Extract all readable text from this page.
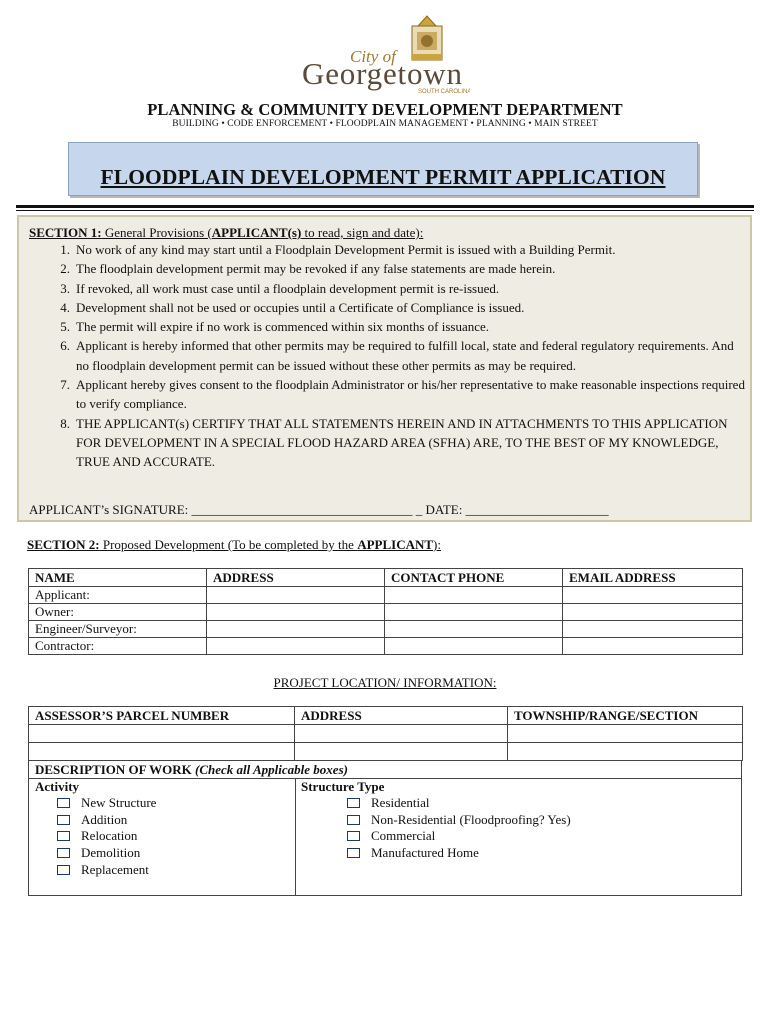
City of
Georgetown
SOUTH CAROLINA
PLANNING & COMMUNITY DEVELOPMENT DEPARTMENT
BUILDING • CODE ENFORCEMENT • FLOODPLAIN MANAGEMENT • PLANNING • MAIN STREET
FLOODPLAIN DEVELOPMENT PERMIT APPLICATION
SECTION 1: General Provisions (APPLICANT(s) to read, sign and date):
1. No work of any kind may start until a Floodplain Development Permit is issued with a Building Permit.
2. The floodplain development permit may be revoked if any false statements are made herein.
3. If revoked, all work must case until a floodplain development permit is re-issued.
4. Development shall not be used or occupies until a Certificate of Compliance is issued.
5. The permit will expire if no work is commenced within six months of issuance.
6. Applicant is hereby informed that other permits may be required to fulfill local, state and federal regulatory requirements. And no floodplain development permit can be issued without these other permits as may be required.
7. Applicant hereby gives consent to the floodplain Administrator or his/her representative to make reasonable inspections required to verify compliance.
8. THE APPLICANT(s) CERTIFY THAT ALL STATEMENTS HEREIN AND IN ATTACHMENTS TO THIS APPLICATION FOR DEVELOPMENT IN A SPECIAL FLOOD HAZARD AREA (SFHA) ARE, TO THE BEST OF MY KNOWLEDGE, TRUE AND ACCURATE.
APPLICANT’s SIGNATURE: __________________________________ _ DATE: ______________________
SECTION 2: Proposed Development (To be completed by the APPLICANT):
NAME	ADDRESS	CONTACT PHONE	EMAIL ADDRESS
Applicant:			
Owner:			
Engineer/Surveyor:			
Contractor:			
PROJECT LOCATION/ INFORMATION:
ASSESSOR’S PARCEL NUMBER	ADDRESS	TOWNSHIP/RANGE/SECTION

DESCRIPTION OF WORK (Check all Applicable boxes)
Activity
New Structure
Addition
Relocation
Demolition
Replacement
Structure Type
Residential
Non-Residential (Floodproofing? Yes)
Commercial
Manufactured Home
